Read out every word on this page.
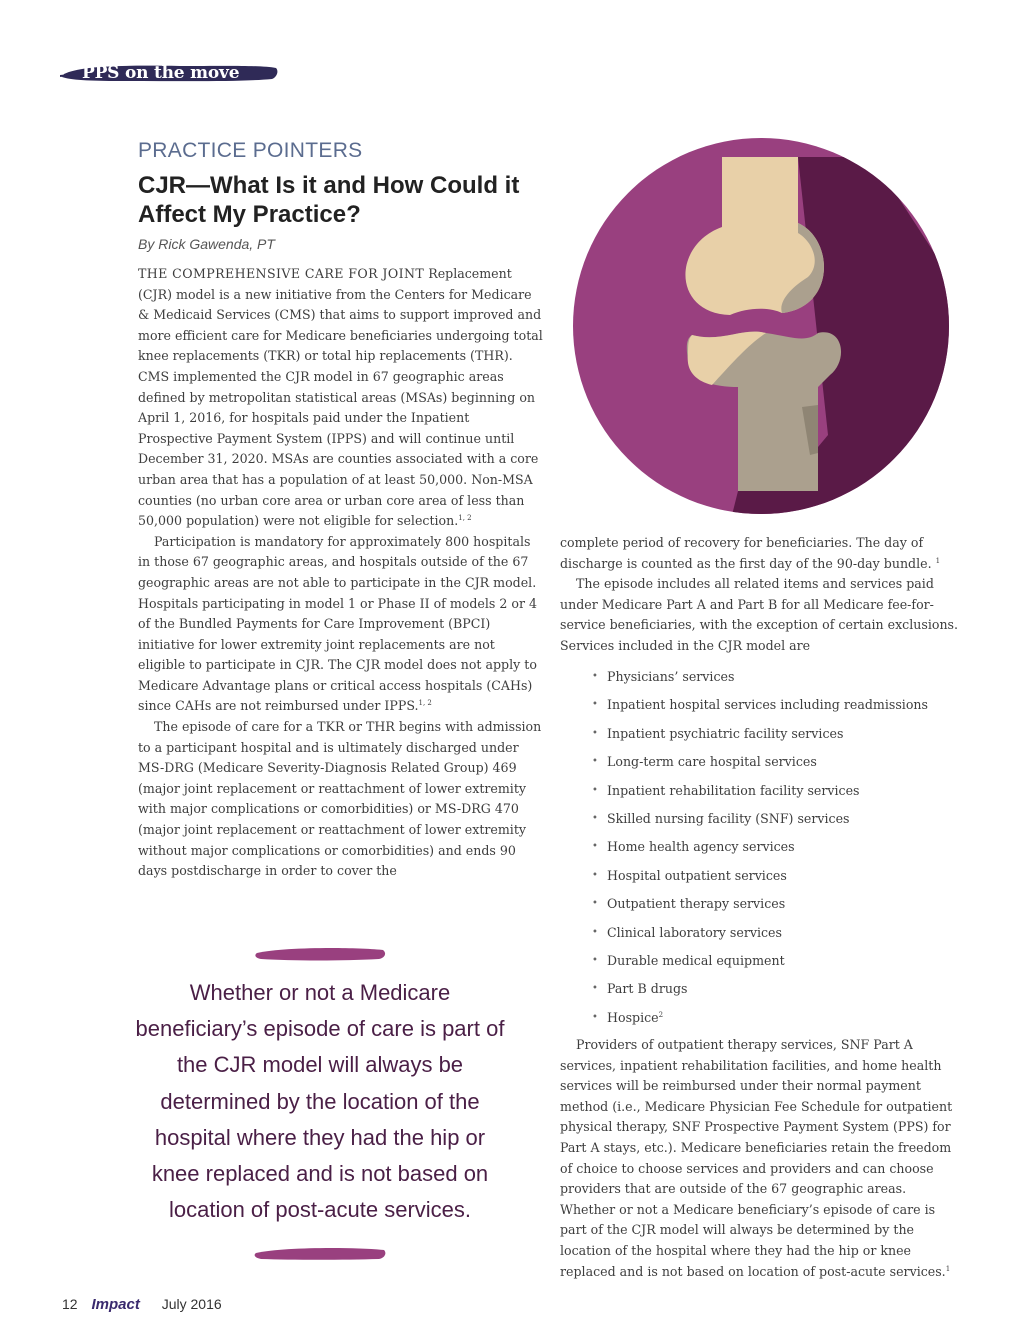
PPS on the move
PRACTICE POINTERS
CJR—What Is it and How Could it Affect My Practice?
By Rick Gawenda, PT

THE COMPREHENSIVE CARE FOR JOINT Replacement (CJR) model is a new initiative from the Centers for Medicare & Medicaid Services (CMS) that aims to support improved and more efficient care for Medicare beneficiaries undergoing total knee replacements (TKR) or total hip replacements (THR). CMS implemented the CJR model in 67 geographic areas defined by metropolitan statistical areas (MSAs) beginning on April 1, 2016, for hospitals paid under the Inpatient Prospective Payment System (IPPS) and will continue until December 31, 2020. MSAs are counties associated with a core urban area that has a population of at least 50,000. Non-MSA counties (no urban core area or urban core area of less than 50,000 population) were not eligible for selection.$^{1, 2}$

Participation is mandatory for approximately 800 hospitals in those 67 geographic areas, and hospitals outside of the 67 geographic areas are not able to participate in the CJR model. Hospitals participating in model 1 or Phase II of models 2 or 4 of the Bundled Payments for Care Improvement (BPCI) initiative for lower extremity joint replacements are not eligible to participate in CJR. The CJR model does not apply to Medicare Advantage plans or critical access hospitals (CAHs) since CAHs are not reimbursed under IPPS.$^{1, 2}$

The episode of care for a TKR or THR begins with admission to a participant hospital and is ultimately discharged under MS-DRG (Medicare Severity-Diagnosis Related Group) 469 (major joint replacement or reattachment of lower extremity with major complications or comorbidities) or MS-DRG 470 (major joint replacement or reattachment of lower extremity without major complications or comorbidities) and ends 90 days postdischarge in order to cover the

complete period of recovery for beneficiaries. The day of discharge is counted as the first day of the 90-day bundle. $^1$

The episode includes all related items and services paid under Medicare Part A and Part B for all Medicare fee-for-service beneficiaries, with the exception of certain exclusions. Services included in the CJR model are

• Physicians’ services
• Inpatient hospital services including readmissions
• Inpatient psychiatric facility services
• Long-term care hospital services
• Inpatient rehabilitation facility services
• Skilled nursing facility (SNF) services
• Home health agency services
• Hospital outpatient services
• Outpatient therapy services
• Clinical laboratory services
• Durable medical equipment
• Part B drugs
• Hospice$^2$

Providers of outpatient therapy services, SNF Part A services, inpatient rehabilitation facilities, and home health services will be reimbursed under their normal payment method (i.e., Medicare Physician Fee Schedule for outpatient physical therapy, SNF Prospective Payment System (PPS) for Part A stays, etc.). Medicare beneficiaries retain the freedom of choice to choose services and providers and can choose providers that are outside of the 67 geographic areas. Whether or not a Medicare beneficiary’s episode of care is part of the CJR model will always be determined by the location of the hospital where they had the hip or knee replaced and is not based on location of post-acute services.$^1$

Whether or not a Medicare beneficiary’s episode of care is part of the CJR model will always be determined by the location of the hospital where they had the hip or knee replaced and is not based on location of post-acute services.
12 Impact July 2016
